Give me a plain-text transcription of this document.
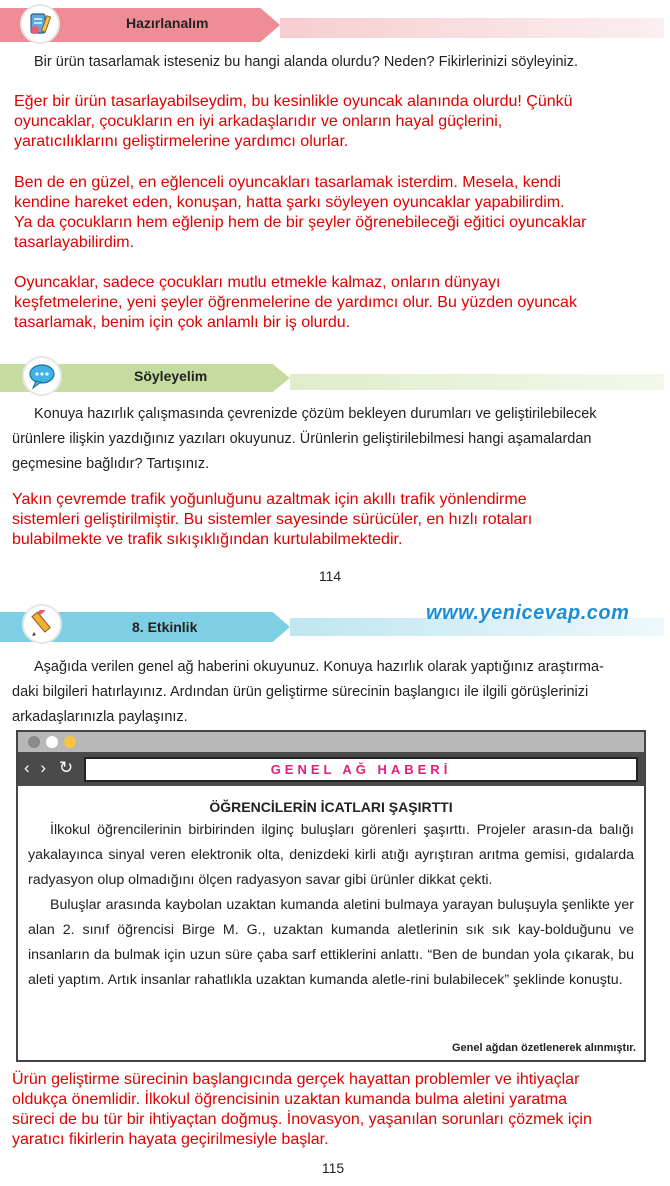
Hazırlanalım
Bir ürün tasarlamak isteseniz bu hangi alanda olurdu? Neden? Fikirlerinizi söyleyiniz.
Eğer bir ürün tasarlayabilseydim, bu kesinlikle oyuncak alanında olurdu! Çünkü
oyuncaklar, çocukların en iyi arkadaşlarıdır ve onların hayal güçlerini,
yaratıcılıklarını geliştirmelerine yardımcı olurlar.
Ben de en güzel, en eğlenceli oyuncakları tasarlamak isterdim. Mesela, kendi
kendine hareket eden, konuşan, hatta şarkı söyleyen oyuncaklar yapabilirdim.
Ya da çocukların hem eğlenip hem de bir şeyler öğrenebileceği eğitici oyuncaklar
tasarlayabilirdim.
Oyuncaklar, sadece çocukları mutlu etmekle kalmaz, onların dünyayı
keşfetmelerine, yeni şeyler öğrenmelerine de yardımcı olur. Bu yüzden oyuncak
tasarlamak, benim için çok anlamlı bir iş olurdu.
Söyleyelim
Konuya hazırlık çalışmasında çevrenizde çözüm bekleyen durumları ve geliştirilebilecek
ürünlere ilişkin yazdığınız yazıları okuyunuz. Ürünlerin geliştirilebilmesi hangi aşamalardan
geçmesine bağlıdır? Tartışınız.
Yakın çevremde trafik yoğunluğunu azaltmak için akıllı trafik yönlendirme
sistemleri geliştirilmiştir. Bu sistemler sayesinde sürücüler, en hızlı rotaları
bulabilmekte ve trafik sıkışıklığından kurtulabilmektedir.
114
8. Etkinlik
www.yenicevap.com
Aşağıda verilen genel ağ haberini okuyunuz. Konuya hazırlık olarak yaptığınız araştırma-
daki bilgileri hatırlayınız. Ardından ürün geliştirme sürecinin başlangıcı ile ilgili görüşlerinizi
arkadaşlarınızla paylaşınız.
‹ › ↻	GENEL AĞ HABERİ
ÖĞRENCİLERİN İCATLARI ŞAŞIRTTI
İlkokul öğrencilerinin birbirinden ilginç buluşları görenleri şaşırttı. Projeler arasın-da balığı yakalayınca sinyal veren elektronik olta, denizdeki kirli atığı ayrıştıran arıtma gemisi, gıdalarda radyasyon olup olmadığını ölçen radyasyon savar gibi ürünler dikkat çekti.
Buluşlar arasında kaybolan uzaktan kumanda aletini bulmaya yarayan buluşuyla şenlikte yer alan 2. sınıf öğrencisi Birge M. G., uzaktan kumanda aletlerinin sık sık kay-bolduğunu ve insanların da bulmak için uzun süre çaba sarf ettiklerini anlattı. “Ben de bundan yola çıkarak, bu aleti yaptım. Artık insanlar rahatlıkla uzaktan kumanda aletle-rini bulabilecek” şeklinde konuştu.
Genel ağdan özetlenerek alınmıştır.
Ürün geliştirme sürecinin başlangıcında gerçek hayattan problemler ve ihtiyaçlar
oldukça önemlidir. İlkokul öğrencisinin uzaktan kumanda bulma aletini yaratma
süreci de bu tür bir ihtiyaçtan doğmuş. İnovasyon, yaşanılan sorunları çözmek için
yaratıcı fikirlerin hayata geçirilmesiyle başlar.
115
